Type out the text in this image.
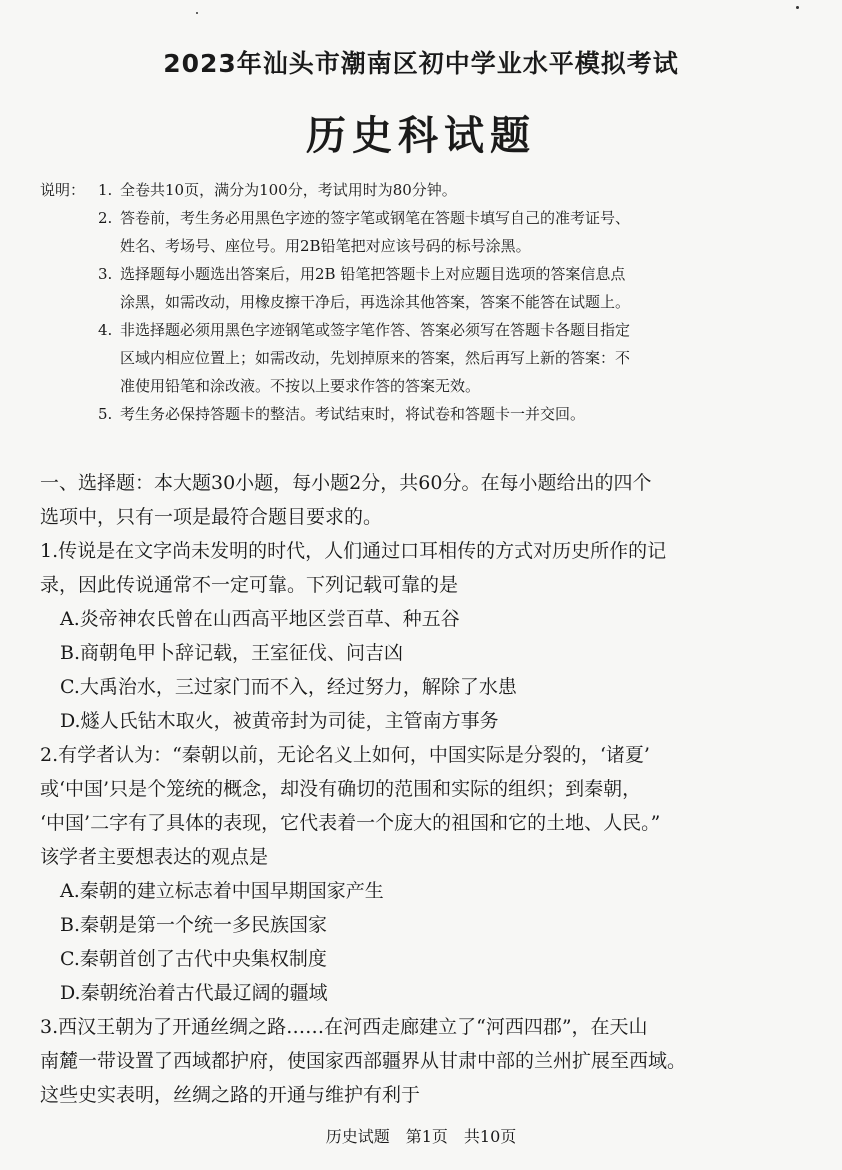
2023年汕头市潮南区初中学业水平模拟考试
历史科试题
说明： 1. 全卷共10页，满分为100分，考试用时为80分钟。
2. 答卷前，考生务必用黑色字迹的签字笔或钢笔在答题卡填写自己的准考证号、
姓名、考场号、座位号。用2B铅笔把对应该号码的标号涂黑。
3. 选择题每小题选出答案后，用2B 铅笔把答题卡上对应题目选项的答案信息点
涂黑，如需改动，用橡皮擦干净后，再选涂其他答案，答案不能答在试题上。
4. 非选择题必须用黑色字迹钢笔或签字笔作答、答案必须写在答题卡各题目指定
区域内相应位置上；如需改动，先划掉原来的答案，然后再写上新的答案：不
准使用铅笔和涂改液。不按以上要求作答的答案无效。
5. 考生务必保持答题卡的整洁。考试结束时，将试卷和答题卡一并交回。
一、选择题：本大题30小题，每小题2分，共60分。在每小题给出的四个
选项中，只有一项是最符合题目要求的。
1.传说是在文字尚未发明的时代，人们通过口耳相传的方式对历史所作的记
录，因此传说通常不一定可靠。下列记载可靠的是
A.炎帝神农氏曾在山西高平地区尝百草、种五谷
B.商朝龟甲卜辞记载，王室征伐、问吉凶
C.大禹治水，三过家门而不入，经过努力，解除了水患
D.燧人氏钻木取火，被黄帝封为司徒，主管南方事务
2.有学者认为：“秦朝以前，无论名义上如何，中国实际是分裂的，‘诸夏’
或‘中国’只是个笼统的概念，却没有确切的范围和实际的组织；到秦朝，
‘中国’二字有了具体的表现，它代表着一个庞大的祖国和它的土地、人民。”
该学者主要想表达的观点是
A.秦朝的建立标志着中国早期国家产生
B.秦朝是第一个统一多民族国家
C.秦朝首创了古代中央集权制度
D.秦朝统治着古代最辽阔的疆域
3.西汉王朝为了开通丝绸之路……在河西走廊建立了“河西四郡”，在天山
南麓一带设置了西域都护府，使国家西部疆界从甘肃中部的兰州扩展至西域。
这些史实表明，丝绸之路的开通与维护有利于
历史试题　第1页　共10页
